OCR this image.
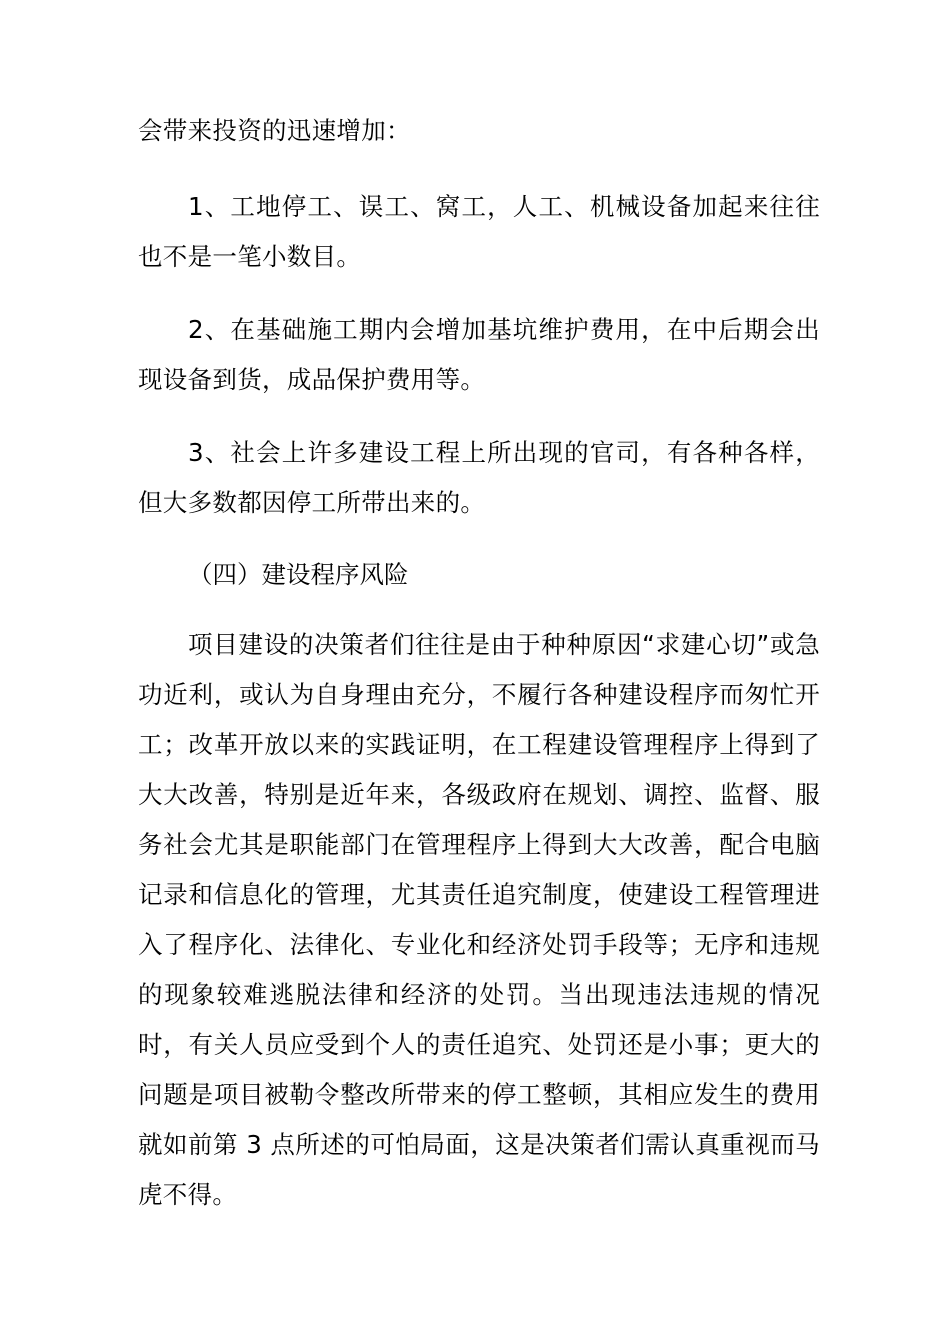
会带来投资的迅速增加：

1、工地停工、误工、窝工，人工、机械设备加起来往往也不是一笔小数目。

2、在基础施工期内会增加基坑维护费用，在中后期会出现设备到货，成品保护费用等。

3、社会上许多建设工程上所出现的官司，有各种各样，但大多数都因停工所带出来的。

（四）建设程序风险

项目建设的决策者们往往是由于种种原因“求建心切”或急功近利，或认为自身理由充分，不履行各种建设程序而匆忙开工；改革开放以来的实践证明，在工程建设管理程序上得到了大大改善，特别是近年来，各级政府在规划、调控、监督、服务社会尤其是职能部门在管理程序上得到大大改善，配合电脑记录和信息化的管理，尤其责任追究制度，使建设工程管理进入了程序化、法律化、专业化和经济处罚手段等；无序和违规的现象较难逃脱法律和经济的处罚。当出现违法违规的情况时，有关人员应受到个人的责任追究、处罚还是小事；更大的问题是项目被勒令整改所带来的停工整顿，其相应发生的费用就如前第 3 点所述的可怕局面，这是决策者们需认真重视而马虎不得。
